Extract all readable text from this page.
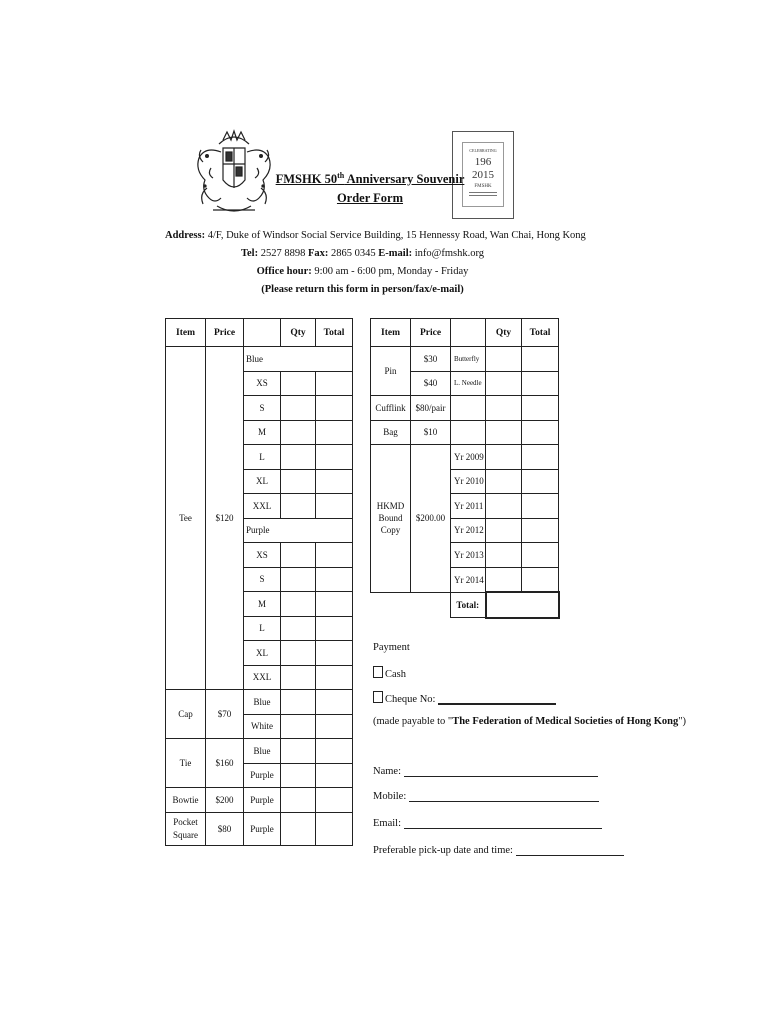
CELEBRATING
196
2015
FMSHK
FMSHK 50th Anniversary Souvenir
Order Form
Address: 4/F, Duke of Windsor Social Service Building, 15 Hennessy Road, Wan Chai, Hong Kong
Tel: 2527 8898 Fax: 2865 0345 E-mail: info@fmshk.org
Office hour: 9:00 am - 6:00 pm, Monday - Friday
(Please return this form in person/fax/e-mail)
Item	Price		Qty	Total
Tee	$120	Blue		
		XS		
		S		
		M		
		L		
		XL		
		XXL		
		Purple		
		XS		
		S		
		M		
		L		
		XL		
		XXL		
Cap	$70	Blue		
		White		
Tie	$160	Blue		
		Purple		
Bowtie	$200	Purple		
Pocket
Square	$80	Purple		
Item	Price		Qty	Total
Pin	$30	Butterfly		
	$40	L. Needle		
Cufflink	$80/pair			
Bag	$10			
HKMD
Bound Copy	$200.00	Yr 2009		
		Yr 2010		
		Yr 2011		
		Yr 2012		
		Yr 2013		
		Yr 2014		
		Total:		
Payment
Cash
Cheque No:
(made payable to "The Federation of Medical Societies of Hong Kong")
Name:
Mobile:
Email:
Preferable pick-up date and time:
